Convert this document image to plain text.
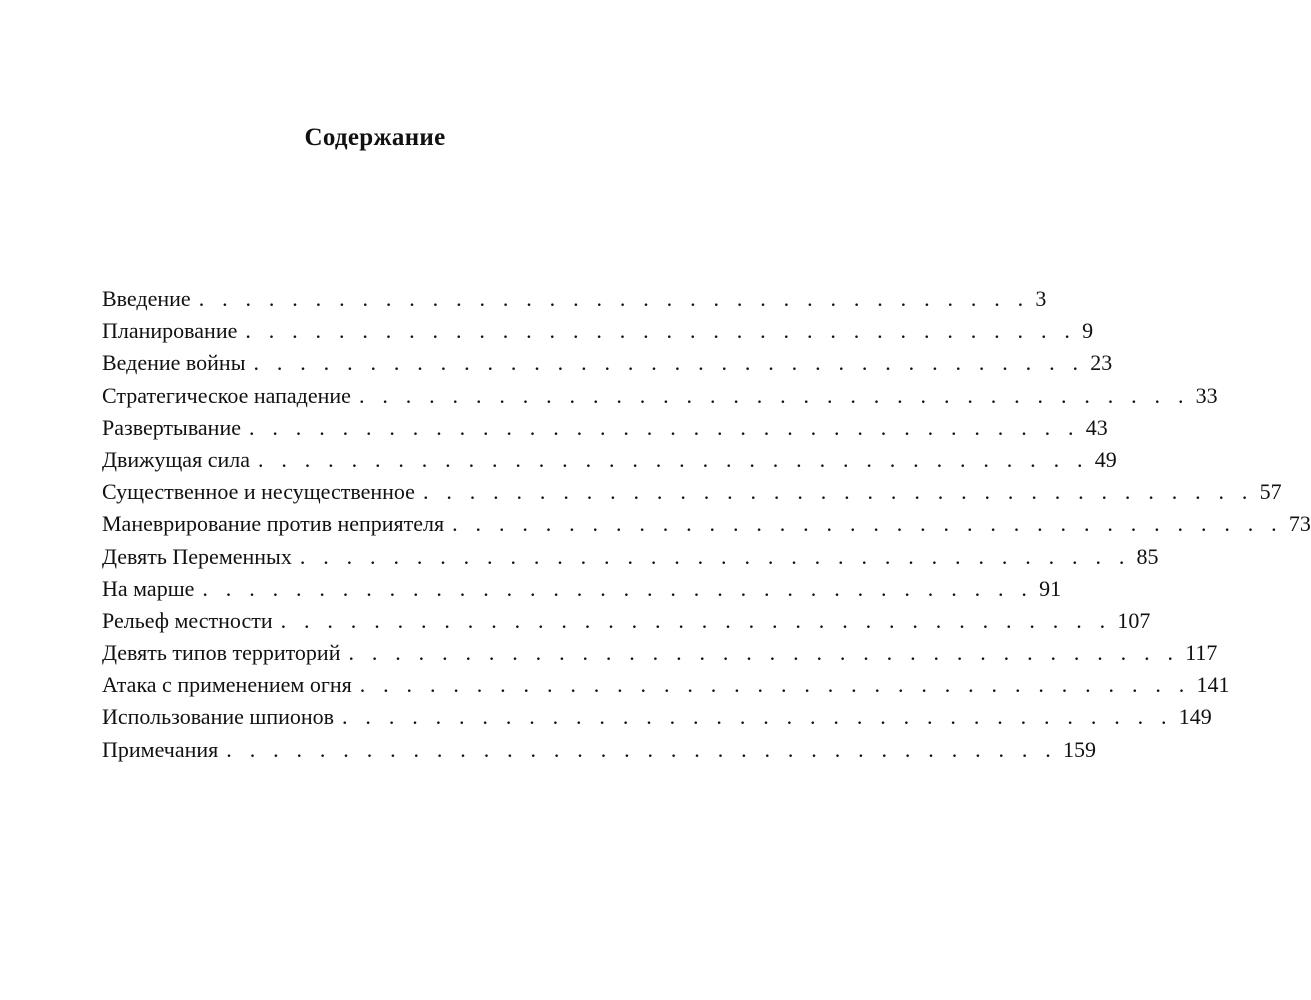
Содержание
Введение . . . . . . . . . . . . . . . . . . . . . . . . . . . . . . . . . . . . 3
Планирование . . . . . . . . . . . . . . . . . . . . . . . . . . . . . . . . . . . . 9
Ведение войны . . . . . . . . . . . . . . . . . . . . . . . . . . . . . . . . . . . . 23
Стратегическое нападение . . . . . . . . . . . . . . . . . . . . . . . . . . . . . . . . . . . . 33
Развертывание . . . . . . . . . . . . . . . . . . . . . . . . . . . . . . . . . . . . 43
Движущая сила . . . . . . . . . . . . . . . . . . . . . . . . . . . . . . . . . . . . 49
Существенное и несущественное . . . . . . . . . . . . . . . . . . . . . . . . . . . . . . . . . . . . 57
Маневрирование против неприятеля . . . . . . . . . . . . . . . . . . . . . . . . . . . . . . . . . . . . 73
Девять Переменных . . . . . . . . . . . . . . . . . . . . . . . . . . . . . . . . . . . . 85
На марше . . . . . . . . . . . . . . . . . . . . . . . . . . . . . . . . . . . . 91
Рельеф местности . . . . . . . . . . . . . . . . . . . . . . . . . . . . . . . . . . . . 107
Девять типов территорий . . . . . . . . . . . . . . . . . . . . . . . . . . . . . . . . . . . . 117
Атака с применением огня . . . . . . . . . . . . . . . . . . . . . . . . . . . . . . . . . . . . 141
Использование шпионов . . . . . . . . . . . . . . . . . . . . . . . . . . . . . . . . . . . . 149
Примечания . . . . . . . . . . . . . . . . . . . . . . . . . . . . . . . . . . . . 159
